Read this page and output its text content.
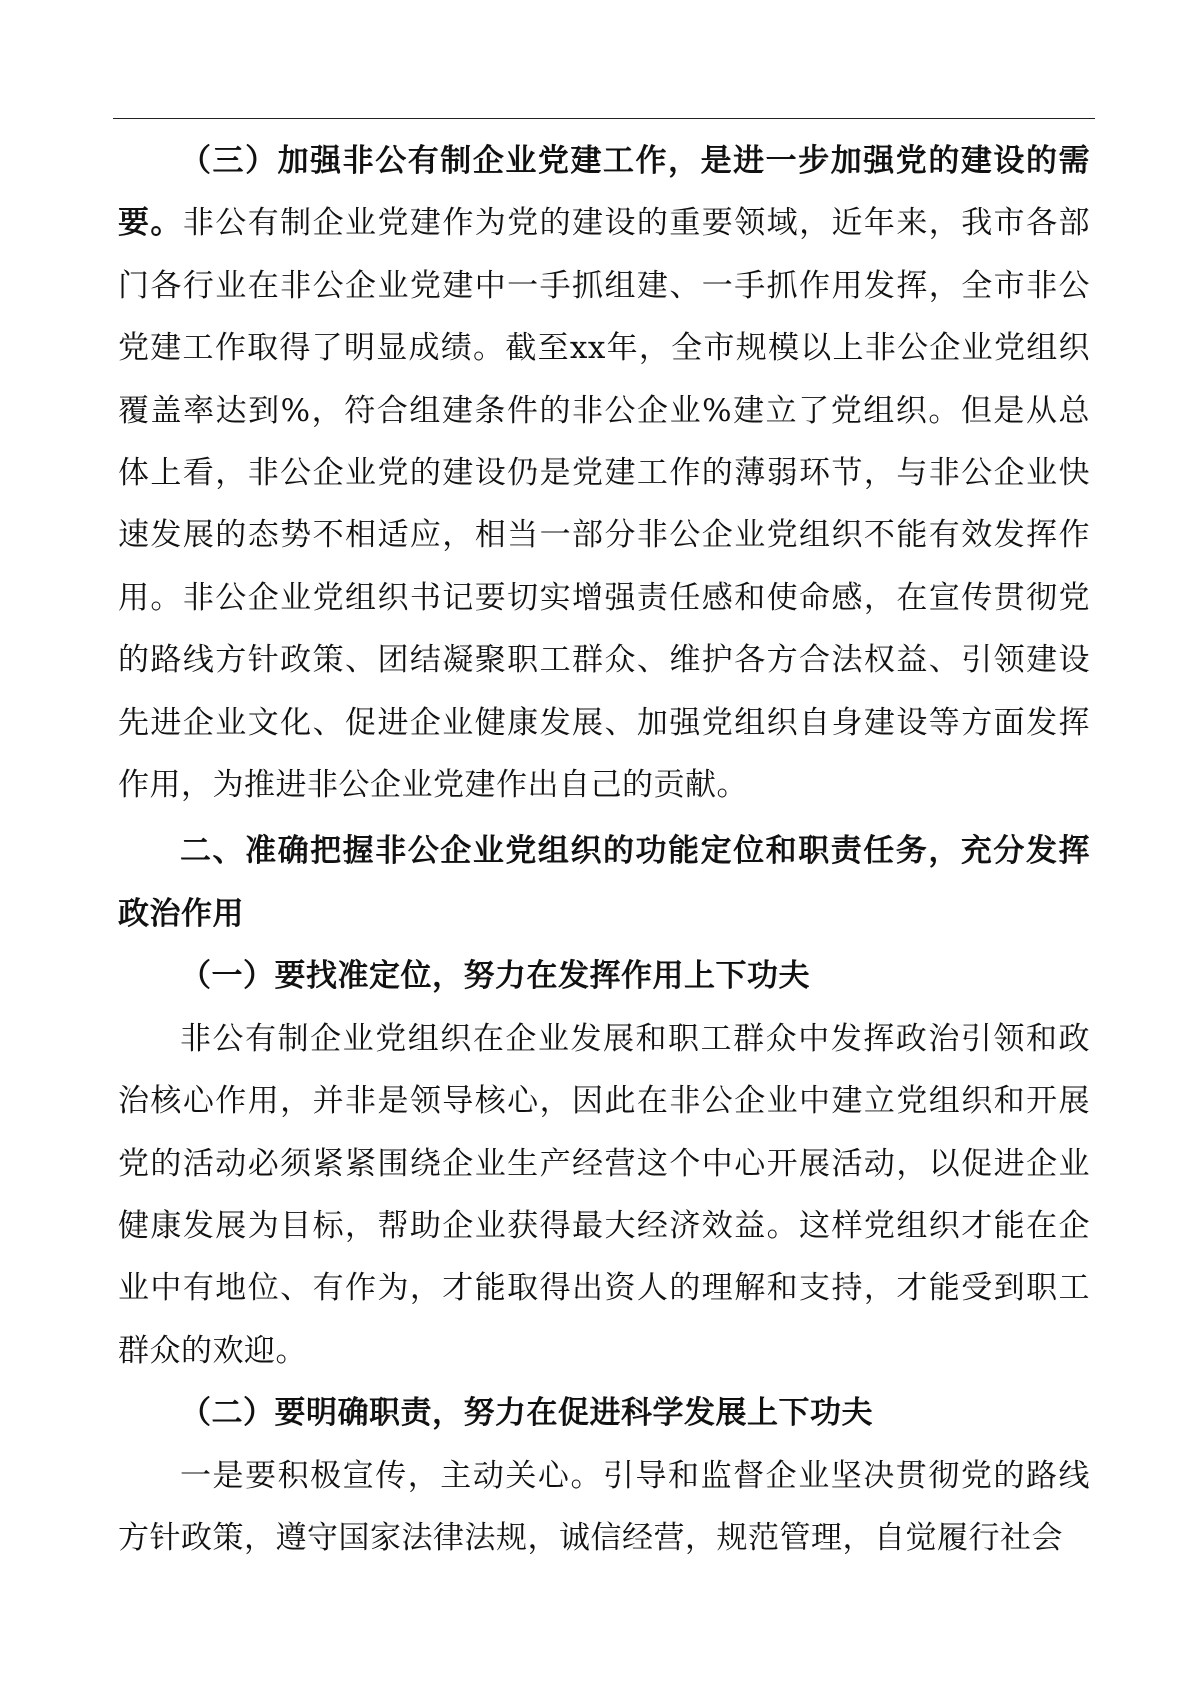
（三）加强非公有制企业党建工作，是进一步加强党的建设的需要。非公有制企业党建作为党的建设的重要领域，近年来，我市各部门各行业在非公企业党建中一手抓组建、一手抓作用发挥，全市非公党建工作取得了明显成绩。截至xx年，全市规模以上非公企业党组织覆盖率达到%，符合组建条件的非公企业%建立了党组织。但是从总体上看，非公企业党的建设仍是党建工作的薄弱环节，与非公企业快速发展的态势不相适应，相当一部分非公企业党组织不能有效发挥作用。非公企业党组织书记要切实增强责任感和使命感，在宣传贯彻党的路线方针政策、团结凝聚职工群众、维护各方合法权益、引领建设先进企业文化、促进企业健康发展、加强党组织自身建设等方面发挥作用，为推进非公企业党建作出自己的贡献。

二、准确把握非公企业党组织的功能定位和职责任务，充分发挥政治作用

（一）要找准定位，努力在发挥作用上下功夫

非公有制企业党组织在企业发展和职工群众中发挥政治引领和政治核心作用，并非是领导核心，因此在非公企业中建立党组织和开展党的活动必须紧紧围绕企业生产经营这个中心开展活动，以促进企业健康发展为目标，帮助企业获得最大经济效益。这样党组织才能在企业中有地位、有作为，才能取得出资人的理解和支持，才能受到职工群众的欢迎。

（二）要明确职责，努力在促进科学发展上下功夫

一是要积极宣传，主动关心。引导和监督企业坚决贯彻党的路线方针政策，遵守国家法律法规，诚信经营，规范管理，自觉履行社会
